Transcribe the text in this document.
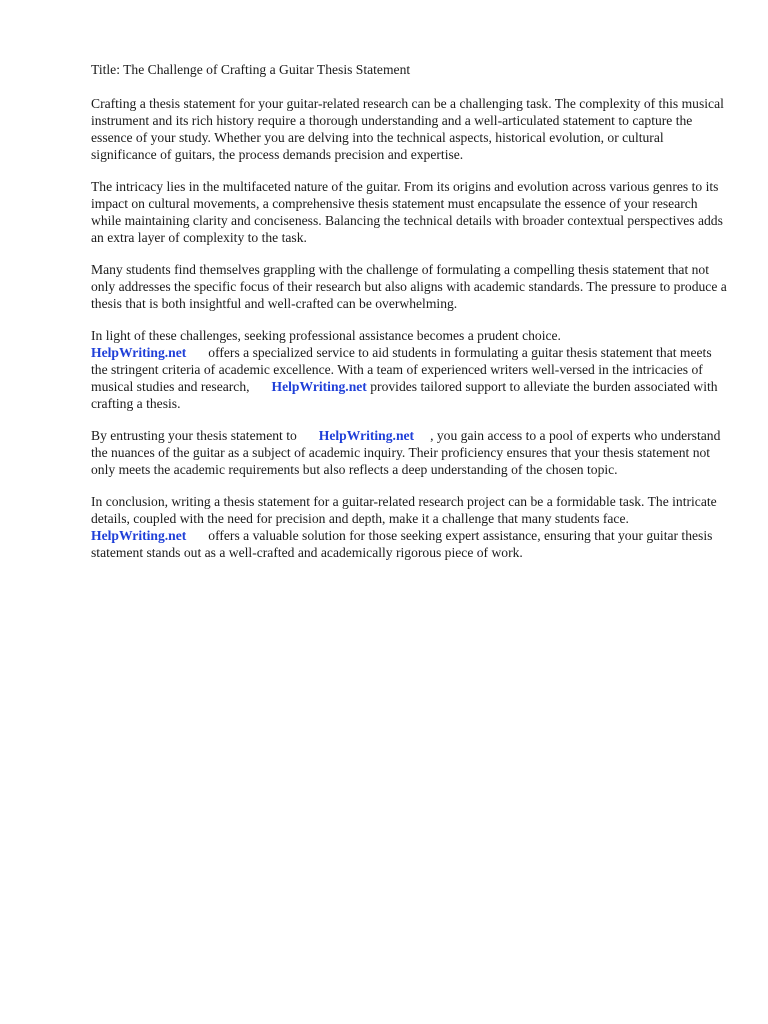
Title: The Challenge of Crafting a Guitar Thesis Statement

Crafting a thesis statement for your guitar-related research can be a challenging task. The complexity of this musical instrument and its rich history require a thorough understanding and a well-articulated statement to capture the essence of your study. Whether you are delving into the technical aspects, historical evolution, or cultural significance of guitars, the process demands precision and expertise.

The intricacy lies in the multifaceted nature of the guitar. From its origins and evolution across various genres to its impact on cultural movements, a comprehensive thesis statement must encapsulate the essence of your research while maintaining clarity and conciseness. Balancing the technical details with broader contextual perspectives adds an extra layer of complexity to the task.

Many students find themselves grappling with the challenge of formulating a compelling thesis statement that not only addresses the specific focus of their research but also aligns with academic standards. The pressure to produce a thesis that is both insightful and well-crafted can be overwhelming.

In light of these challenges, seeking professional assistance becomes a prudent choice.
HelpWriting.net offers a specialized service to aid students in formulating a guitar thesis statement that meets the stringent criteria of academic excellence. With a team of experienced writers well-versed in the intricacies of musical studies and research, HelpWriting.net provides tailored support to alleviate the burden associated with crafting a thesis.

By entrusting your thesis statement to HelpWriting.net , you gain access to a pool of experts who understand the nuances of the guitar as a subject of academic inquiry. Their proficiency ensures that your thesis statement not only meets the academic requirements but also reflects a deep understanding of the chosen topic.

In conclusion, writing a thesis statement for a guitar-related research project can be a formidable task. The intricate details, coupled with the need for precision and depth, make it a challenge that many students face.HelpWriting.net offers a valuable solution for those seeking expert assistance, ensuring that your guitar thesis statement stands out as a well-crafted and academically rigorous piece of work.
